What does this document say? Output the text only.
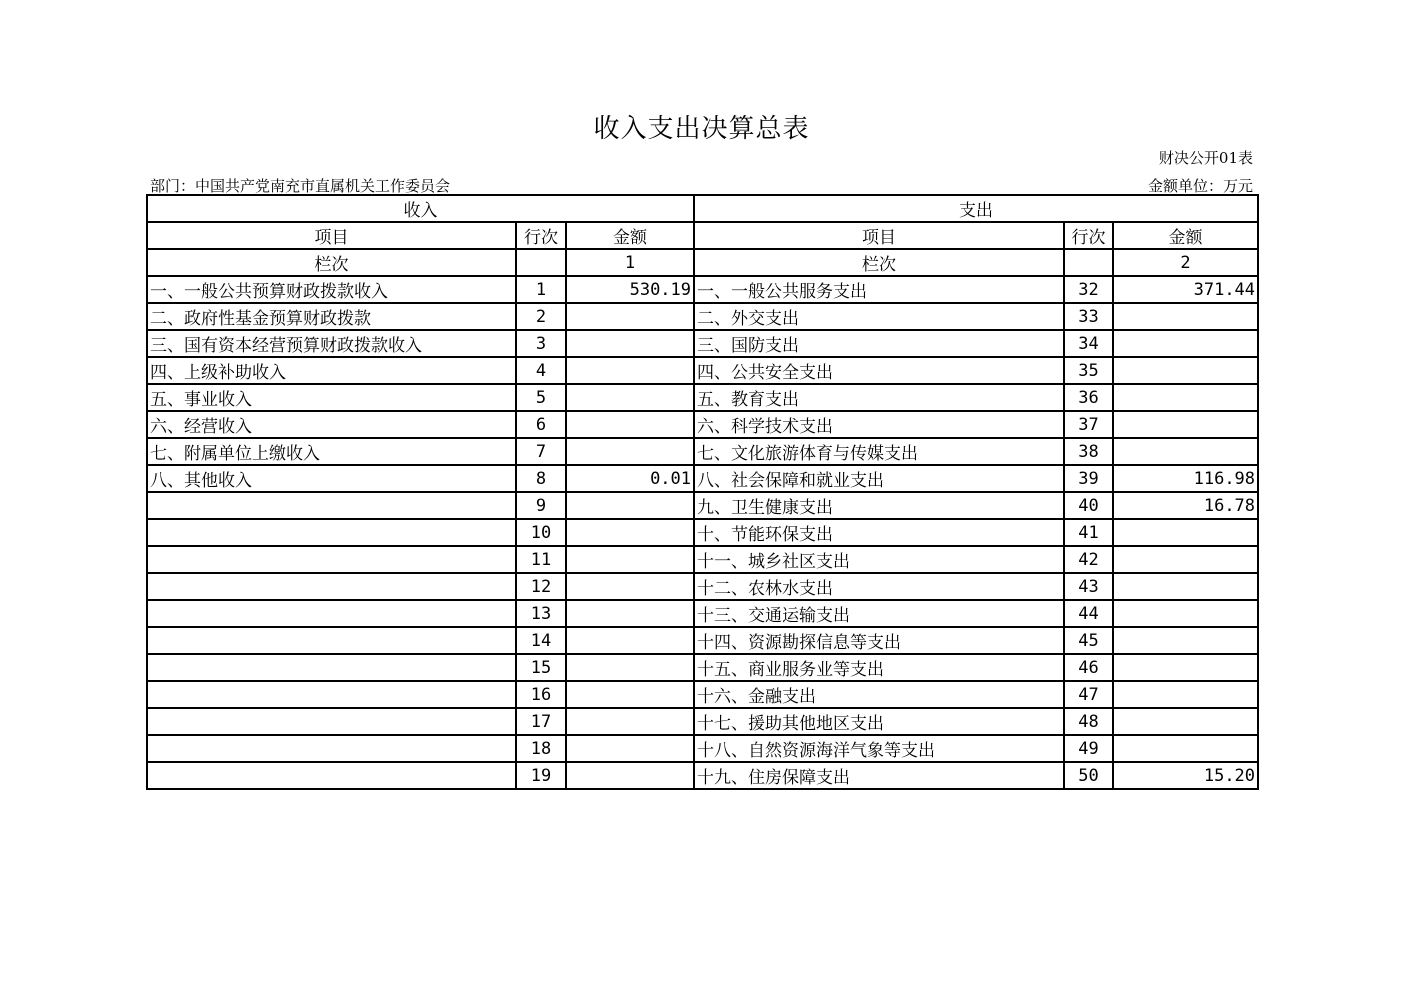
收入支出决算总表
财决公开01表
部门：中国共产党南充市直属机关工作委员会	金额单位：万元
收入			支出		
项目	行次	金额	项目	行次	金额
栏次		1	栏次		2
一、一般公共预算财政拨款收入	1	530.19	一、一般公共服务支出	32	371.44
二、政府性基金预算财政拨款	2		二、外交支出	33	
三、国有资本经营预算财政拨款收入	3		三、国防支出	34	
四、上级补助收入	4		四、公共安全支出	35	
五、事业收入	5		五、教育支出	36	
六、经营收入	6		六、科学技术支出	37	
七、附属单位上缴收入	7		七、文化旅游体育与传媒支出	38	
八、其他收入	8	0.01	八、社会保障和就业支出	39	116.98
	9		九、卫生健康支出	40	16.78
	10		十、节能环保支出	41	
	11		十一、城乡社区支出	42	
	12		十二、农林水支出	43	
	13		十三、交通运输支出	44	
	14		十四、资源勘探信息等支出	45	
	15		十五、商业服务业等支出	46	
	16		十六、金融支出	47	
	17		十七、援助其他地区支出	48	
	18		十八、自然资源海洋气象等支出	49	
	19		十九、住房保障支出	50	15.20
